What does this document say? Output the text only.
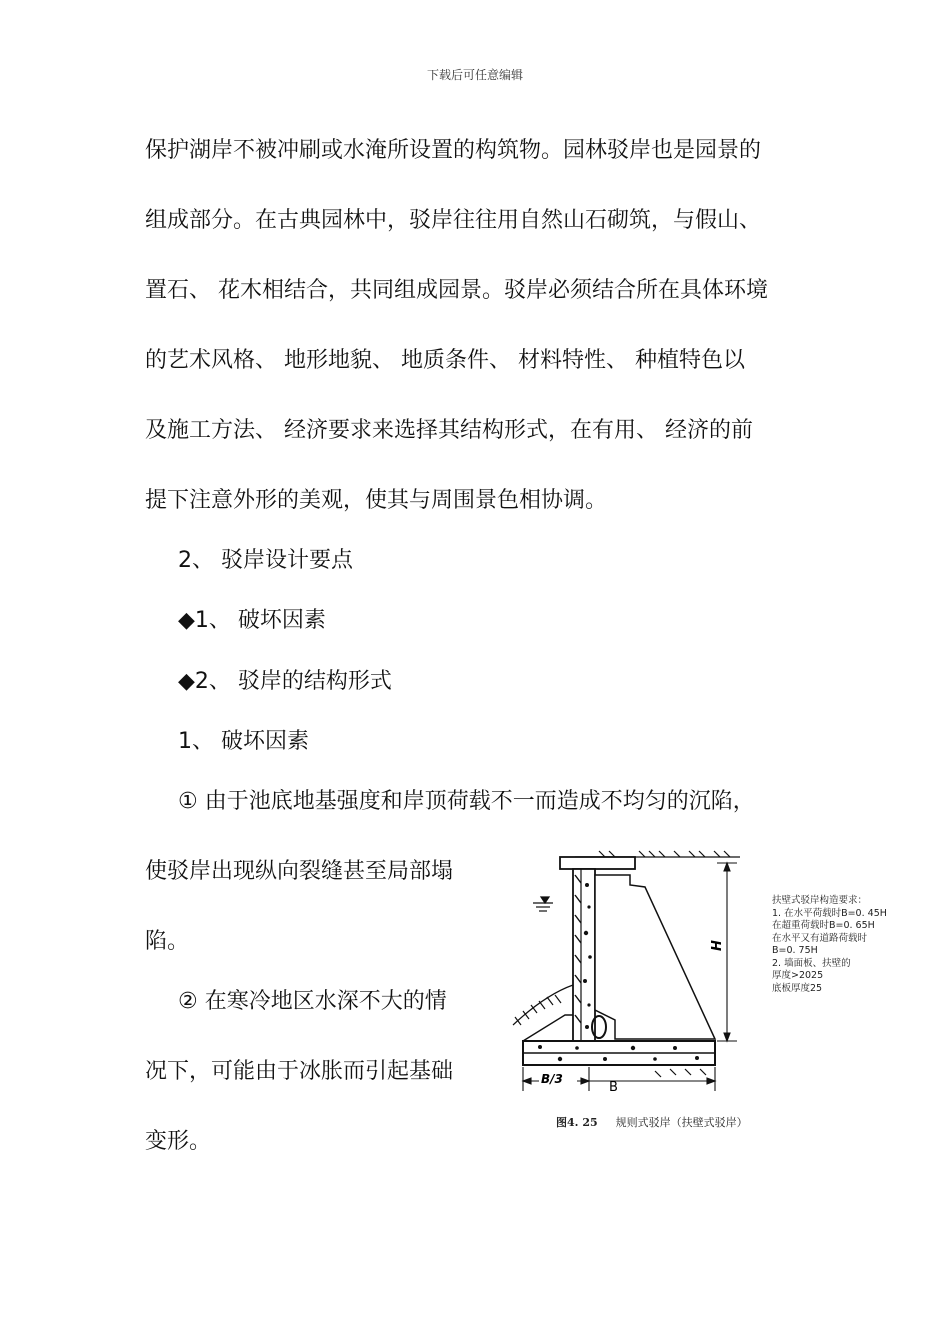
下载后可任意编辑
保护湖岸不被冲刷或水淹所设置的构筑物。园林驳岸也是园景的
组成部分。在古典园林中，驳岸往往用自然山石砌筑，与假山、
置石、 花木相结合，共同组成园景。驳岸必须结合所在具体环境
的艺术风格、 地形地貌、 地质条件、 材料特性、 种植特色以
及施工方法、 经济要求来选择其结构形式，在有用、 经济的前
提下注意外形的美观，使其与周围景色相协调。
2、 驳岸设计要点
◆1、 破坏因素
◆2、 驳岸的结构形式
1、 破坏因素
① 由于池底地基强度和岸顶荷载不一而造成不均匀的沉陷，
使驳岸出现纵向裂缝甚至局部塌
陷。
② 在寒冷地区水深不大的情
况下，可能由于冰胀而引起基础
变形。
H
B/3
B
扶壁式驳岸构造要求：
1. 在水平荷载时B=0. 45H
在超重荷载时B=0. 65H
在水平又有道路荷载时
B=0. 75H
2. 墙面板、扶壁的
厚度>2025
底板厚度25
图4. 25 规则式驳岸（扶壁式驳岸）
